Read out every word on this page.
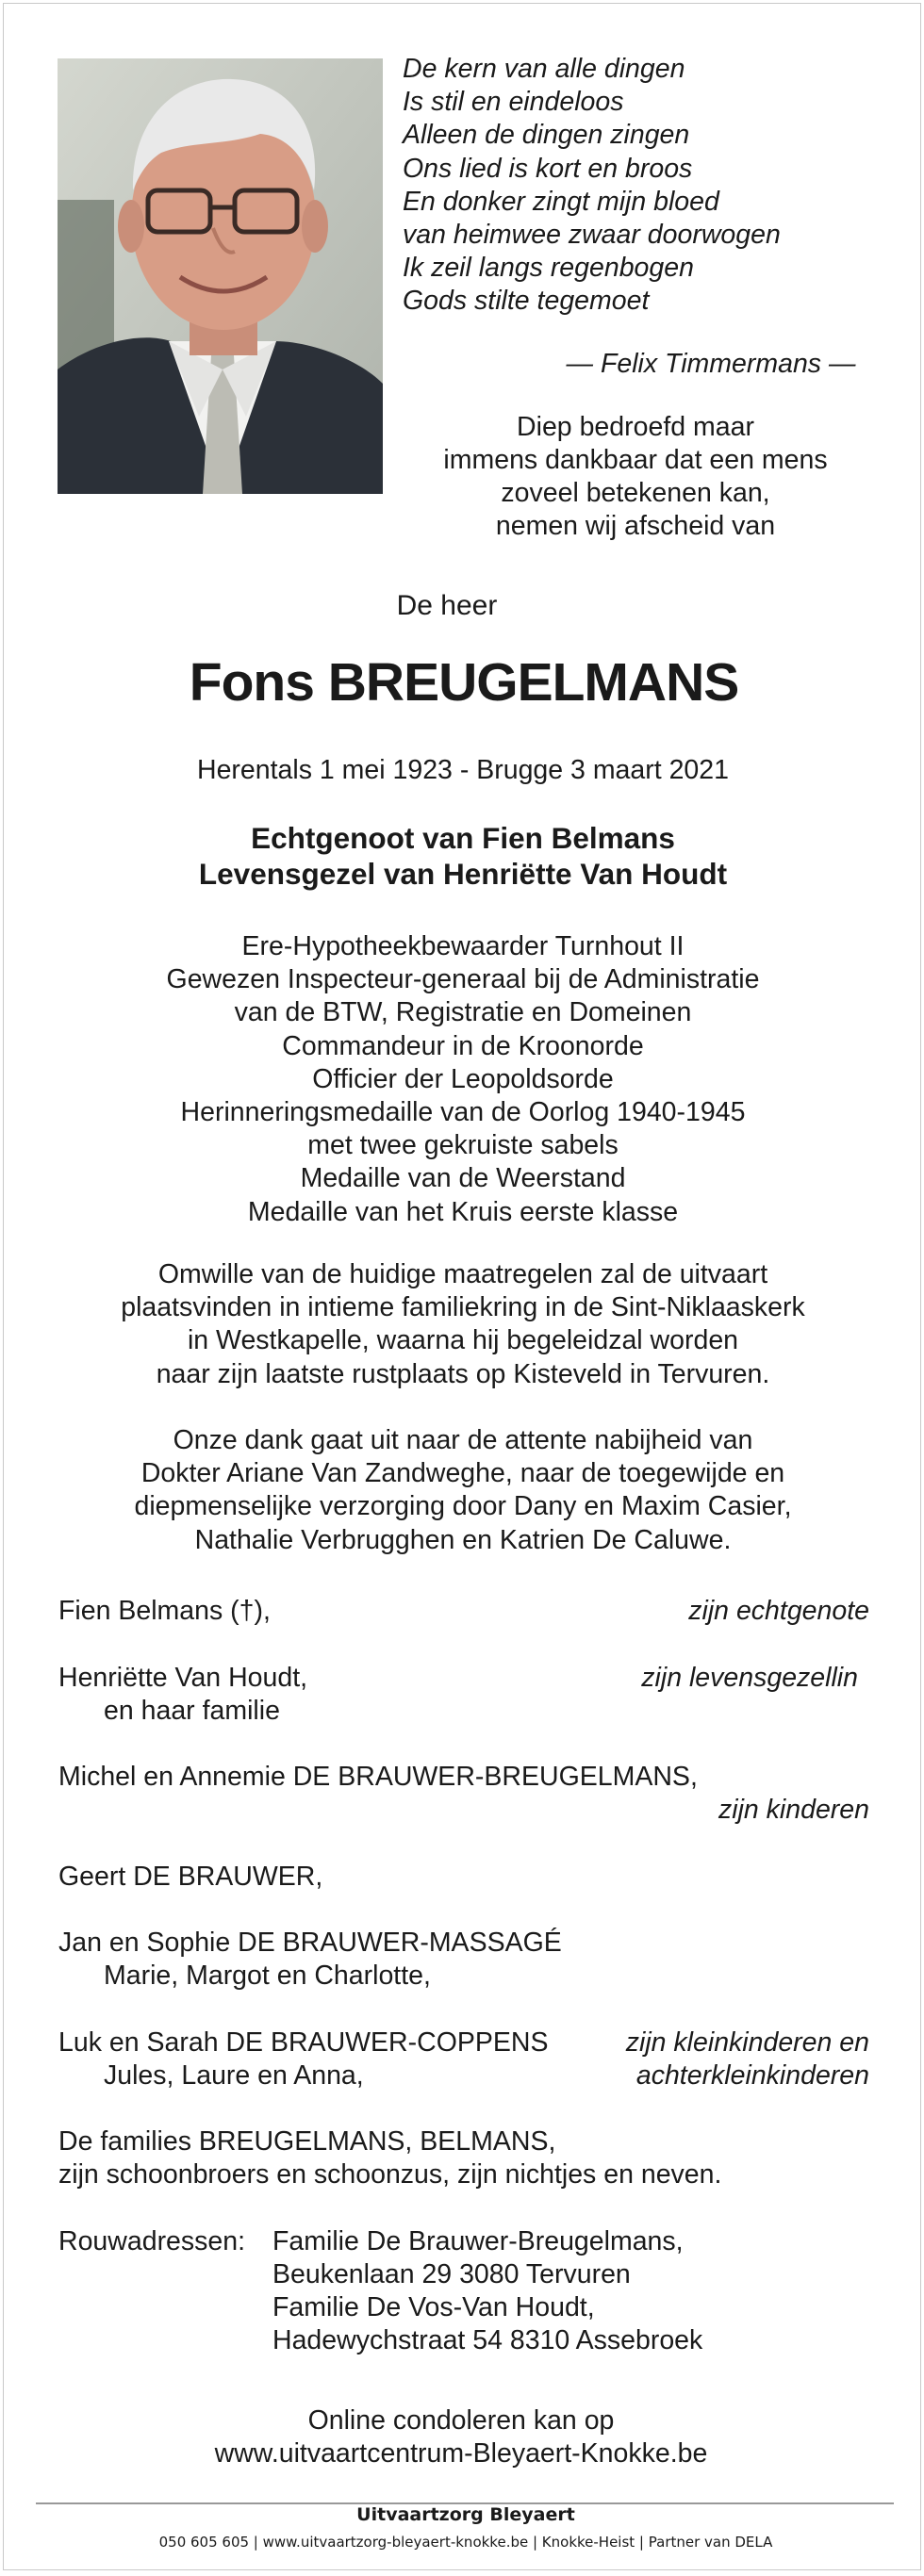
De kern van alle dingen
Is stil en eindeloos
Alleen de dingen zingen
Ons lied is kort en broos
En donker zingt mijn bloed
van heimwee zwaar doorwogen
Ik zeil langs regenbogen
Gods stilte tegemoet
— Felix Timmermans —
Diep bedroefd maar
immens dankbaar dat een mens
zoveel betekenen kan,
nemen wij afscheid van
De heer
Fons BREUGELMANS
Herentals 1 mei 1923 - Brugge 3 maart 2021
Echtgenoot van Fien Belmans
Levensgezel van Henriëtte Van Houdt
Ere-Hypotheekbewaarder Turnhout II
Gewezen Inspecteur-generaal bij de Administratie
van de BTW, Registratie en Domeinen
Commandeur in de Kroonorde
Officier der Leopoldsorde
Herinneringsmedaille van de Oorlog 1940-1945
met twee gekruiste sabels
Medaille van de Weerstand
Medaille van het Kruis eerste klasse
Omwille van de huidige maatregelen zal de uitvaart
plaatsvinden in intieme familiekring in de Sint-Niklaaskerk
in Westkapelle, waarna hij begeleidzal worden
naar zijn laatste rustplaats op Kisteveld in Tervuren.
Onze dank gaat uit naar de attente nabijheid van
Dokter Ariane Van Zandweghe, naar de toegewijde en
diepmenselijke verzorging door Dany en Maxim Casier,
Nathalie Verbrugghen en Katrien De Caluwe.
Fien Belmans (†),	zijn echtgenote
Henriëtte Van Houdt,	zijn levensgezellin
en haar familie
Michel en Annemie DE BRAUWER-BREUGELMANS,
zijn kinderen
Geert DE BRAUWER,
Jan en Sophie DE BRAUWER-MASSAGÉ
Marie, Margot en Charlotte,
Luk en Sarah DE BRAUWER-COPPENS	zijn kleinkinderen en
Jules, Laure en Anna,	achterkleinkinderen
De families BREUGELMANS, BELMANS,
zijn schoonbroers en schoonzus, zijn nichtjes en neven.
Rouwadressen: Familie De Brauwer-Breugelmans,
Beukenlaan 29 3080 Tervuren
Familie De Vos-Van Houdt,
Hadewychstraat 54 8310 Assebroek
Online condoleren kan op
www.uitvaartcentrum-Bleyaert-Knokke.be
Uitvaartzorg Bleyaert
050 605 605 | www.uitvaartzorg-bleyaert-knokke.be | Knokke-Heist | Partner van DELA
